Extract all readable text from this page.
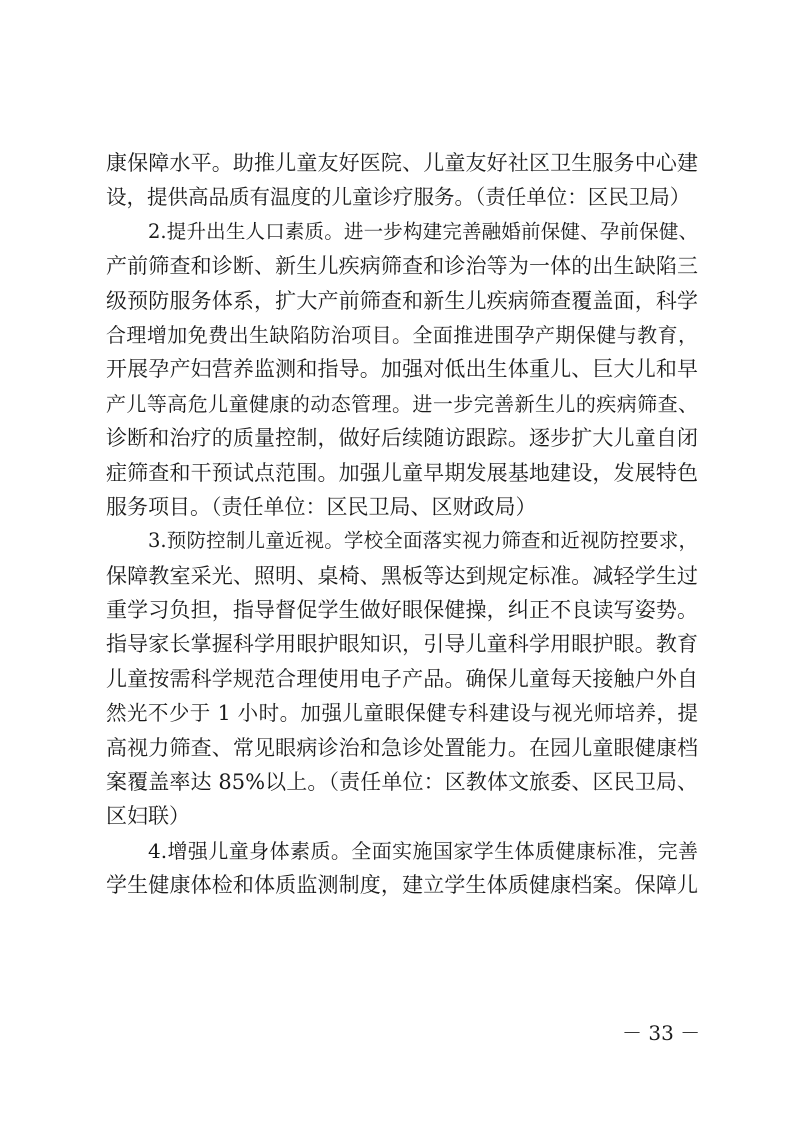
康保障水平。助推儿童友好医院、儿童友好社区卫生服务中心建
设，提供高品质有温度的儿童诊疗服务。（责任单位：区民卫局）
2.提升出生人口素质。进一步构建完善融婚前保健、孕前保健、
产前筛查和诊断、新生儿疾病筛查和诊治等为一体的出生缺陷三
级预防服务体系，扩大产前筛查和新生儿疾病筛查覆盖面，科学
合理增加免费出生缺陷防治项目。全面推进围孕产期保健与教育，
开展孕产妇营养监测和指导。加强对低出生体重儿、巨大儿和早
产儿等高危儿童健康的动态管理。进一步完善新生儿的疾病筛查、
诊断和治疗的质量控制，做好后续随访跟踪。逐步扩大儿童自闭
症筛查和干预试点范围。加强儿童早期发展基地建设，发展特色
服务项目。（责任单位：区民卫局、区财政局）
3.预防控制儿童近视。学校全面落实视力筛查和近视防控要求，
保障教室采光、照明、桌椅、黑板等达到规定标准。减轻学生过
重学习负担，指导督促学生做好眼保健操，纠正不良读写姿势。
指导家长掌握科学用眼护眼知识，引导儿童科学用眼护眼。教育
儿童按需科学规范合理使用电子产品。确保儿童每天接触户外自
然光不少于 1 小时。加强儿童眼保健专科建设与视光师培养，提
高视力筛查、常见眼病诊治和急诊处置能力。在园儿童眼健康档
案覆盖率达 85%以上。（责任单位：区教体文旅委、区民卫局、
区妇联）
4.增强儿童身体素质。全面实施国家学生体质健康标准，完善
学生健康体检和体质监测制度，建立学生体质健康档案。保障儿
－ 33 －
